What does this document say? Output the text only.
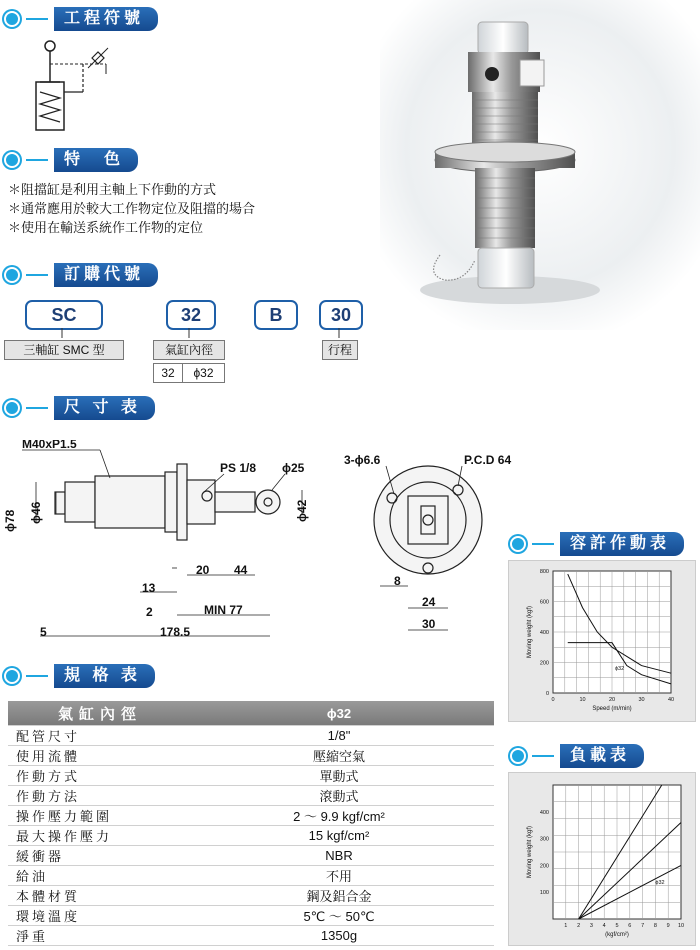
工程符號
特　色
訂購代號
尺 寸 表
規 格 表
容許作動表
負載表
＊阻擋缸是利用主軸上下作動的方式
＊通常應用於較大工作物定位及阻擋的場合
＊使用在輸送系統作工作物的定位
SC	32	B	30
三軸缸 SMC 型	氣缸內徑	行程
32	ϕ32
M40xP1.5
PS 1/8 ϕ25
ϕ78 ϕ46	ϕ42
20 44
13
2	MIN 77
5	178.5
3-ϕ6.6	P.C.D 64
8
24
30
氣缸內徑	ϕ32
配管尺寸	1/8"
使用流體	壓縮空氣
作動方式	單動式
作動方法	滾動式
操作壓力範圍	2 ～ 9.9 kgf/cm²
最大操作壓力	15 kgf/cm²
緩衝器	NBR
給油	不用
本體材質	鋼及鋁合金
環境溫度	5℃ ～ 50℃
淨重	1350g
0	10	20	30	40
0
200
400
600
800
Speed (m/min)
Moving weight (kgf)
ϕ32
1 2 3 4 5 6 7 8 9 10
100
200
300
400
(kgf/cm²)
Moving weight (kgf)
ϕ32
